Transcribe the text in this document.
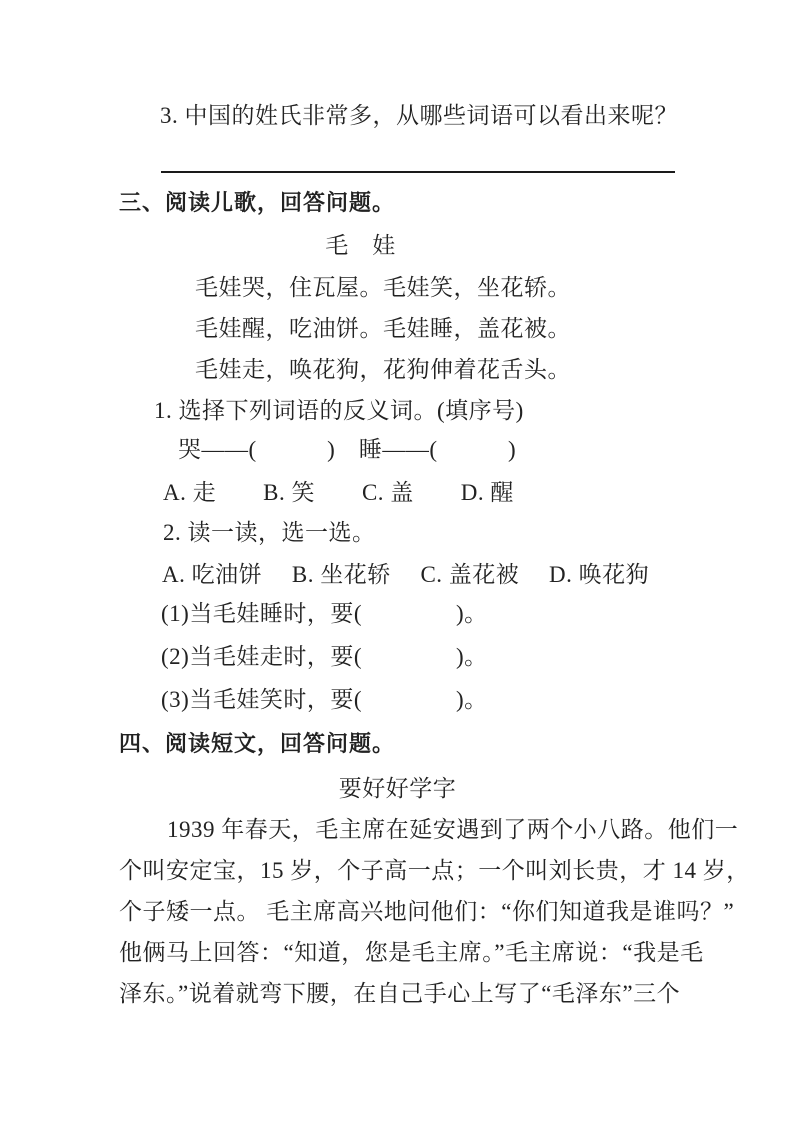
3. 中国的姓氏非常多，从哪些词语可以看出来呢？
三、阅读儿歌，回答问题。
毛　娃
毛娃哭，住瓦屋。毛娃笑，坐花轿。
毛娃醒，吃油饼。毛娃睡，盖花被。
毛娃走，唤花狗，花狗伸着花舌头。
1. 选择下列词语的反义词。(填序号)
哭——(　　　)　睡——(　　　)
A. 走　　B. 笑　　C. 盖　　D. 醒
2. 读一读，选一选。
A. 吃油饼　 B. 坐花轿　 C. 盖花被　 D. 唤花狗
(1)当毛娃睡时，要(　　　　)。
(2)当毛娃走时，要(　　　　)。
(3)当毛娃笑时，要(　　　　)。
四、阅读短文，回答问题。
要好好学字
1939 年春天，毛主席在延安遇到了两个小八路。他们一
个叫安定宝，15 岁，个子高一点；一个叫刘长贵，才 14 岁，
个子矮一点。 毛主席高兴地问他们：“你们知道我是谁吗？”
他俩马上回答：“知道，您是毛主席。”毛主席说：“我是毛
泽东。”说着就弯下腰，在自己手心上写了“毛泽东”三个
